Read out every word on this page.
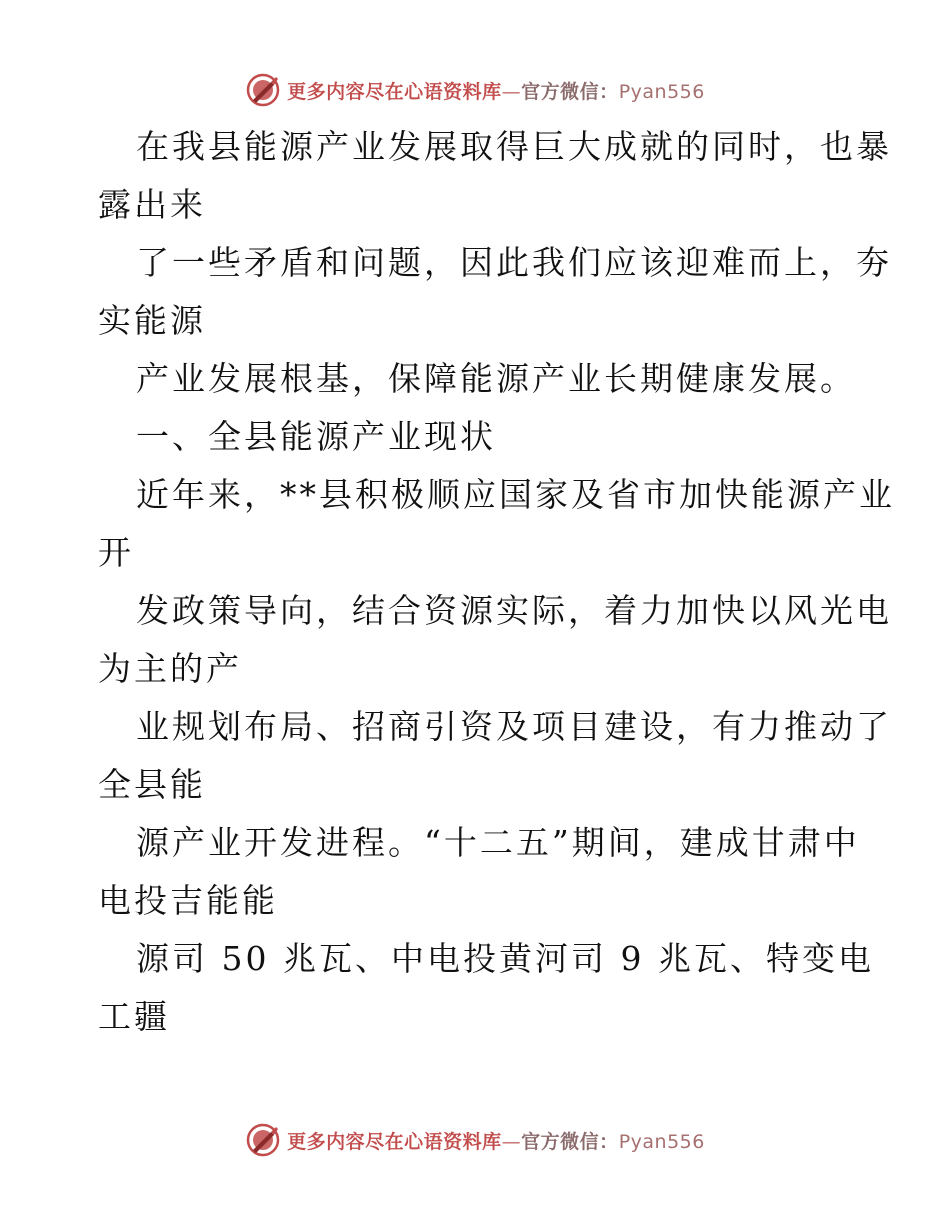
更多内容尽在心语资料库—官方微信：Pyan556

在我县能源产业发展取得巨大成就的同时，也暴

露出来

了一些矛盾和问题，因此我们应该迎难而上，夯

实能源

产业发展根基，保障能源产业长期健康发展。

一、全县能源产业现状

近年来，**县积极顺应国家及省市加快能源产业

开

发政策导向，结合资源实际，着力加快以风光电

为主的产

业规划布局、招商引资及项目建设，有力推动了

全县能

源产业开发进程。“十二五”期间，建成甘肃中

电投吉能能

源司 50 兆瓦、中电投黄河司 9 兆瓦、特变电

工疆

更多内容尽在心语资料库—官方微信：Pyan556
